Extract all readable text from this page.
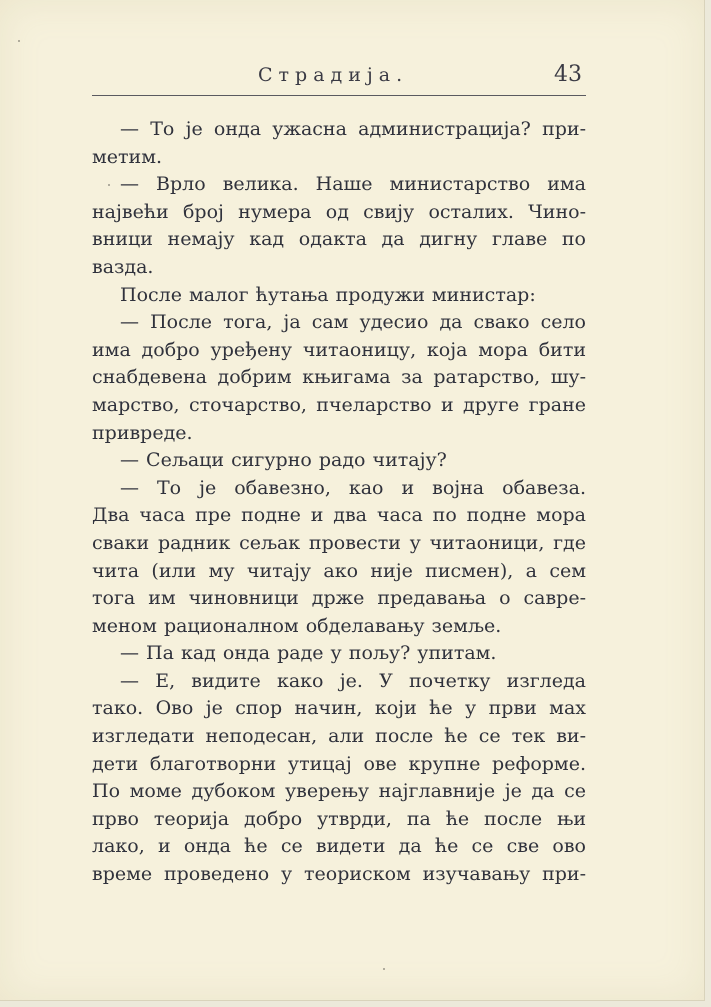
Страдија.	43
— То је онда ужасна администрација? при-
метим.
— Врло велика. Наше министарство има
највећи број нумера од свију осталих. Чино-
вници немају кад одакта да дигну главе по
вазда.
После малог ћутања продужи министар:
— После тога, ја сам удесио да свако село
има добро уређену читаоницу, која мора бити
снабдевена добрим књигама за ратарство, шу-
марство, сточарство, пчеларство и друге гране
привреде.
— Сељаци сигурно радо читају?
— То је обавезно, као и војна обавеза.
Два часа пре подне и два часа по подне мора
сваки радник сељак провести у читаоници, где
чита (или му читају ако није писмен), а сем
тога им чиновници држе предавања о савре-
меном рационалном обделавању земље.
— Па кад онда раде у пољу? упитам.
— Е, видите како је. У почетку изгледа
тако. Ово је спор начин, који ће у први мах
изгледати неподесан, али после ће се тек ви-
дети благотворни утицај ове крупне реформе.
По моме дубоком уверењу најглавније је да се
прво теорија добро утврди, па ће после њи
лако, и онда ће се видети да ће се све ово
време проведено у теориском изучавању при-
